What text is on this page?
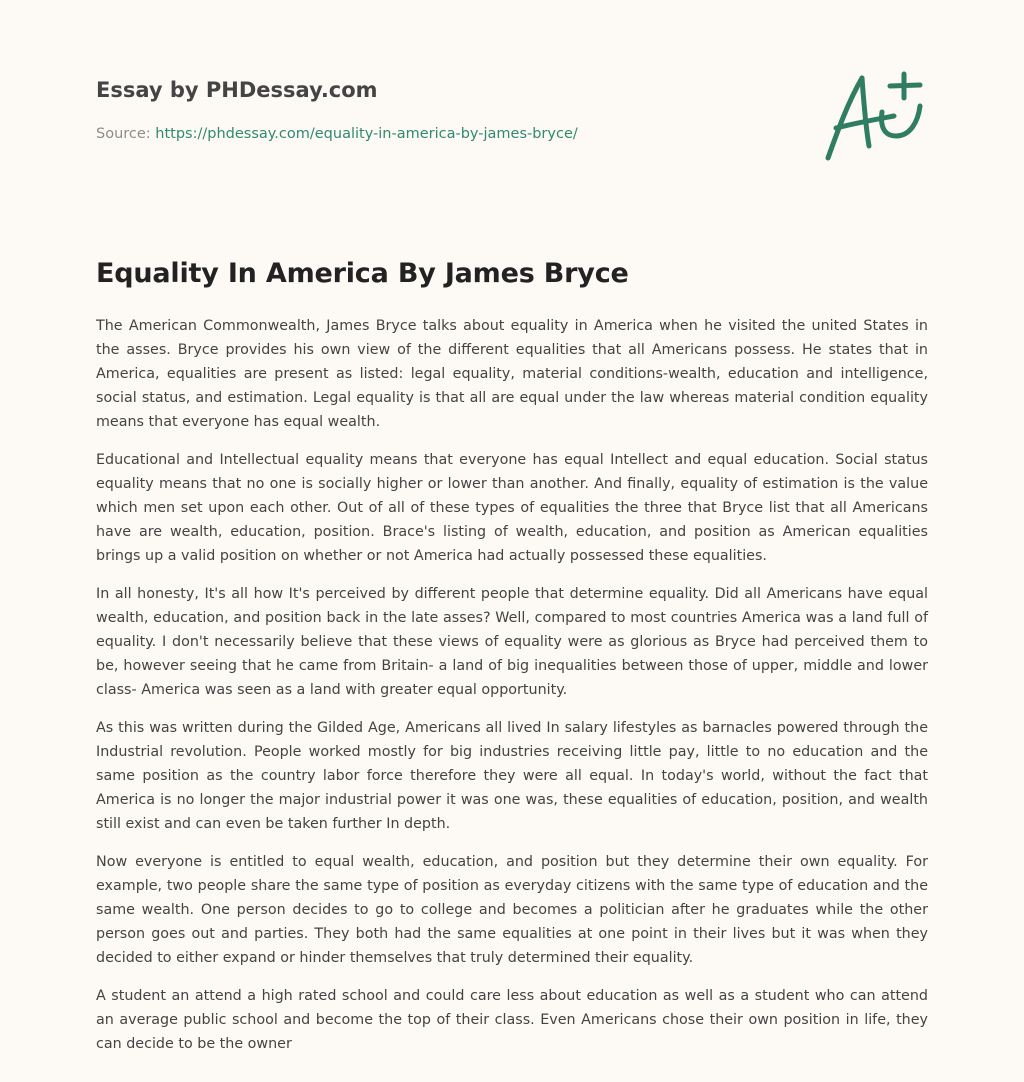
Essay by PHDessay.com
Source: https://phdessay.com/equality-in-america-by-james-bryce/
Equality In America By James Bryce

The American Commonwealth, James Bryce talks about equality in America when he visited the united States in the asses. Bryce provides his own view of the different equalities that all Americans possess. He states that in America, equalities are present as listed: legal equality, material conditions-wealth, education and intelligence, social status, and estimation. Legal equality is that all are equal under the law whereas material condition equality means that everyone has equal wealth.

Educational and Intellectual equality means that everyone has equal Intellect and equal education. Social status equality means that no one is socially higher or lower than another. And finally, equality of estimation is the value which men set upon each other. Out of all of these types of equalities the three that Bryce list that all Americans have are wealth, education, position. Brace's listing of wealth, education, and position as American equalities brings up a valid position on whether or not America had actually possessed these equalities.

In all honesty, It's all how It's perceived by different people that determine equality. Did all Americans have equal wealth, education, and position back in the late asses? Well, compared to most countries America was a land full of equality. I don't necessarily believe that these views of equality were as glorious as Bryce had perceived them to be, however seeing that he came from Britain- a land of big inequalities between those of upper, middle and lower class- America was seen as a land with greater equal opportunity.

As this was written during the Gilded Age, Americans all lived In salary lifestyles as barnacles powered through the Industrial revolution. People worked mostly for big industries receiving little pay, little to no education and the same position as the country labor force therefore they were all equal. In today's world, without the fact that America is no longer the major industrial power it was one was, these equalities of education, position, and wealth still exist and can even be taken further In depth.

Now everyone is entitled to equal wealth, education, and position but they determine their own equality. For example, two people share the same type of position as everyday citizens with the same type of education and the same wealth. One person decides to go to college and becomes a politician after he graduates while the other person goes out and parties. They both had the same equalities at one point in their lives but it was when they decided to either expand or hinder themselves that truly determined their equality.

A student an attend a high rated school and could care less about education as well as a student who can attend an average public school and become the top of their class. Even Americans chose their own position in life, they can decide to be the owner
